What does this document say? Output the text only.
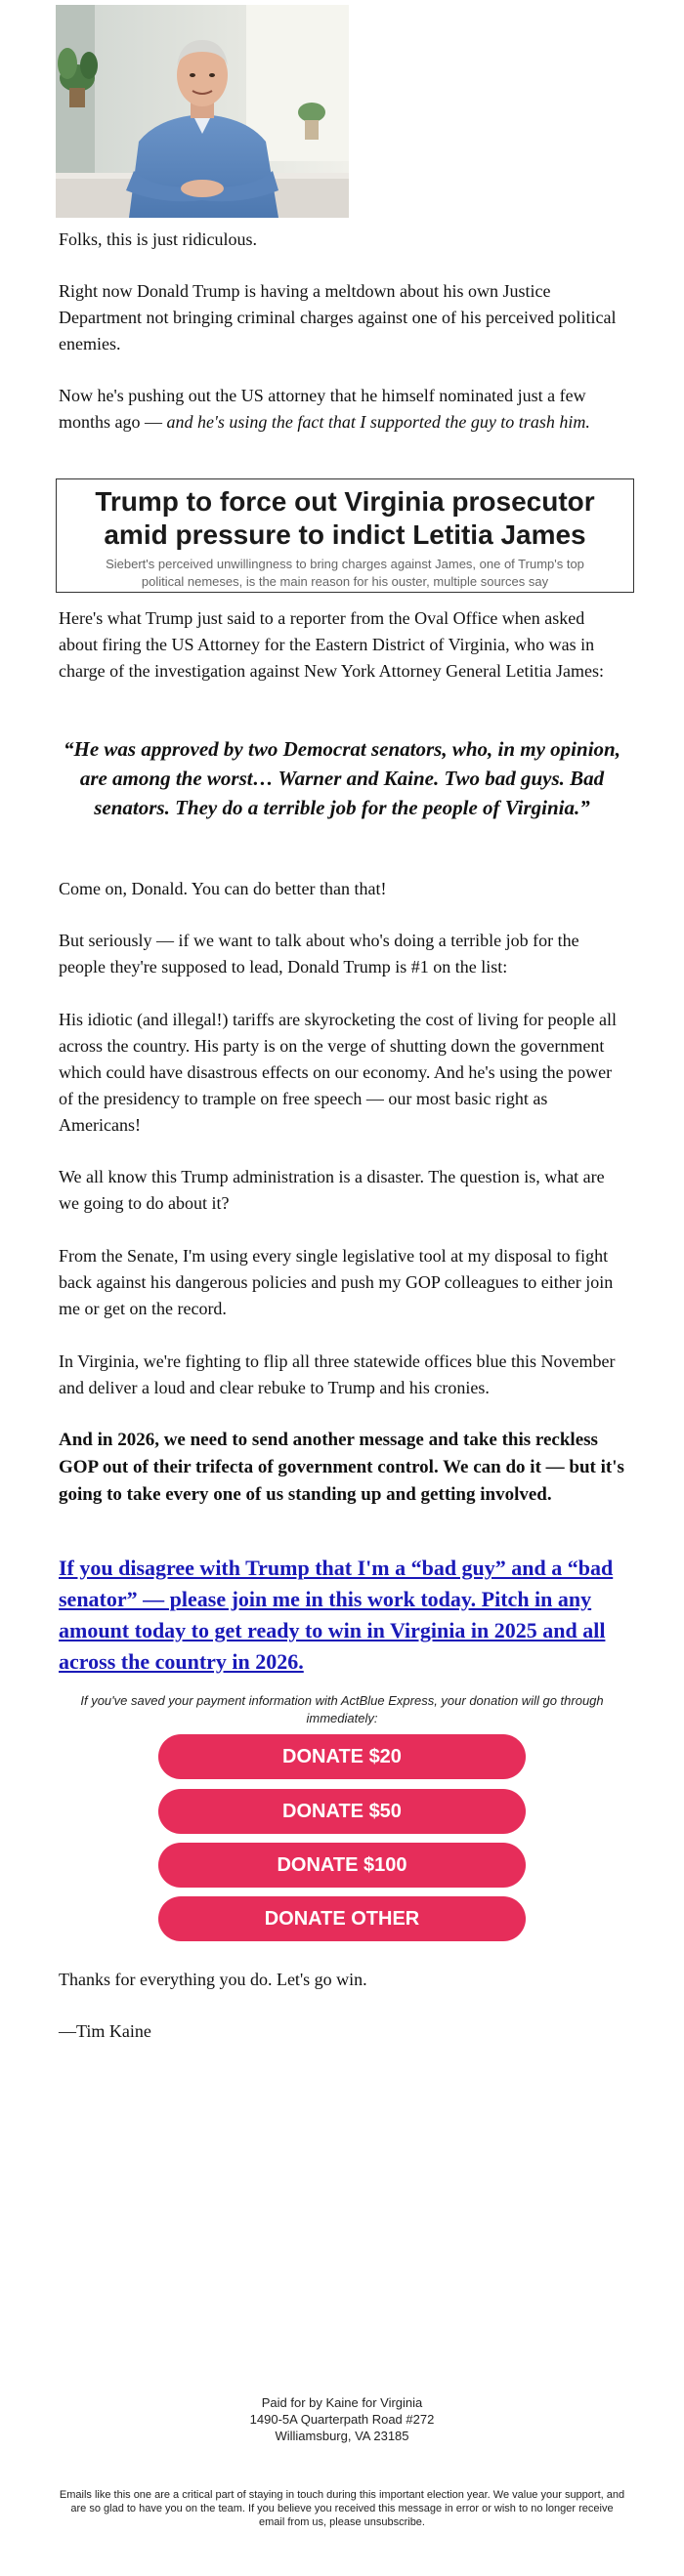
Folks, this is just ridiculous.

Right now Donald Trump is having a meltdown about his own Justice Department not bringing criminal charges against one of his perceived political enemies.

Now he's pushing out the US attorney that he himself nominated just a few months ago — and he's using the fact that I supported the guy to trash him.

Trump to force out Virginia prosecutor amid pressure to indict Letitia James
Siebert's perceived unwillingness to bring charges against James, one of Trump's top political nemeses, is the main reason for his ouster, multiple sources say

Here's what Trump just said to a reporter from the Oval Office when asked about firing the US Attorney for the Eastern District of Virginia, who was in charge of the investigation against New York Attorney General Letitia James:

“He was approved by two Democrat senators, who, in my opinion, are among the worst… Warner and Kaine. Two bad guys. Bad senators. They do a terrible job for the people of Virginia.”

Come on, Donald. You can do better than that!

But seriously — if we want to talk about who's doing a terrible job for the people they're supposed to lead, Donald Trump is #1 on the list:

His idiotic (and illegal!) tariffs are skyrocketing the cost of living for people all across the country. His party is on the verge of shutting down the government which could have disastrous effects on our economy. And he's using the power of the presidency to trample on free speech — our most basic right as Americans!

We all know this Trump administration is a disaster. The question is, what are we going to do about it?

From the Senate, I'm using every single legislative tool at my disposal to fight back against his dangerous policies and push my GOP colleagues to either join me or get on the record.

In Virginia, we're fighting to flip all three statewide offices blue this November and deliver a loud and clear rebuke to Trump and his cronies.

And in 2026, we need to send another message and take this reckless GOP out of their trifecta of government control. We can do it — but it's going to take every one of us standing up and getting involved.

If you disagree with Trump that I'm a “bad guy” and a “bad senator” — please join me in this work today. Pitch in any amount today to get ready to win in Virginia in 2025 and all across the country in 2026.

If you've saved your payment information with ActBlue Express, your donation will go through immediately:

DONATE $20
DONATE $50
DONATE $100
DONATE OTHER

Thanks for everything you do. Let's go win.

—Tim Kaine

Paid for by Kaine for Virginia
1490-5A Quarterpath Road #272
Williamsburg, VA 23185

Emails like this one are a critical part of staying in touch during this important election year. We value your support, and are so glad to have you on the team. If you believe you received this message in error or wish to no longer receive email from us, please unsubscribe.
